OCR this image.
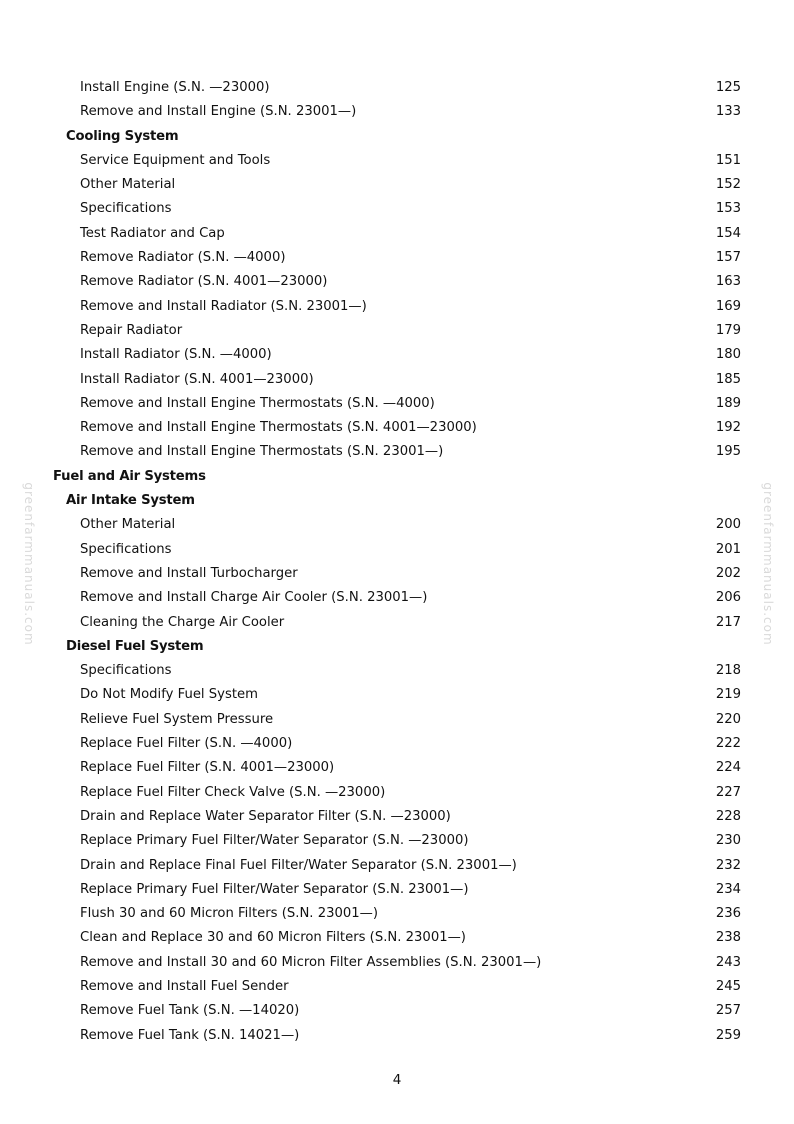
greenfarmmanuals.com	greenfarmmanuals.com
Install Engine (S.N. —23000)	125
Remove and Install Engine (S.N. 23001—)	133
Cooling System
Service Equipment and Tools	151
Other Material	152
Specifications	153
Test Radiator and Cap	154
Remove Radiator (S.N. —4000)	157
Remove Radiator (S.N. 4001—23000)	163
Remove and Install Radiator (S.N. 23001—)	169
Repair Radiator	179
Install Radiator (S.N. —4000)	180
Install Radiator (S.N. 4001—23000)	185
Remove and Install Engine Thermostats (S.N. —4000)	189
Remove and Install Engine Thermostats (S.N. 4001—23000)	192
Remove and Install Engine Thermostats (S.N. 23001—)	195
Fuel and Air Systems
Air Intake System
Other Material	200
Specifications	201
Remove and Install Turbocharger	202
Remove and Install Charge Air Cooler (S.N. 23001—)	206
Cleaning the Charge Air Cooler	217
Diesel Fuel System
Specifications	218
Do Not Modify Fuel System	219
Relieve Fuel System Pressure	220
Replace Fuel Filter (S.N. —4000)	222
Replace Fuel Filter (S.N. 4001—23000)	224
Replace Fuel Filter Check Valve (S.N. —23000)	227
Drain and Replace Water Separator Filter (S.N. —23000)	228
Replace Primary Fuel Filter/Water Separator (S.N. —23000)	230
Drain and Replace Final Fuel Filter/Water Separator (S.N. 23001—)	232
Replace Primary Fuel Filter/Water Separator (S.N. 23001—)	234
Flush 30 and 60 Micron Filters (S.N. 23001—)	236
Clean and Replace 30 and 60 Micron Filters (S.N. 23001—)	238
Remove and Install 30 and 60 Micron Filter Assemblies (S.N. 23001—)	243
Remove and Install Fuel Sender	245
Remove Fuel Tank (S.N. —14020)	257
Remove Fuel Tank (S.N. 14021—)	259
4
